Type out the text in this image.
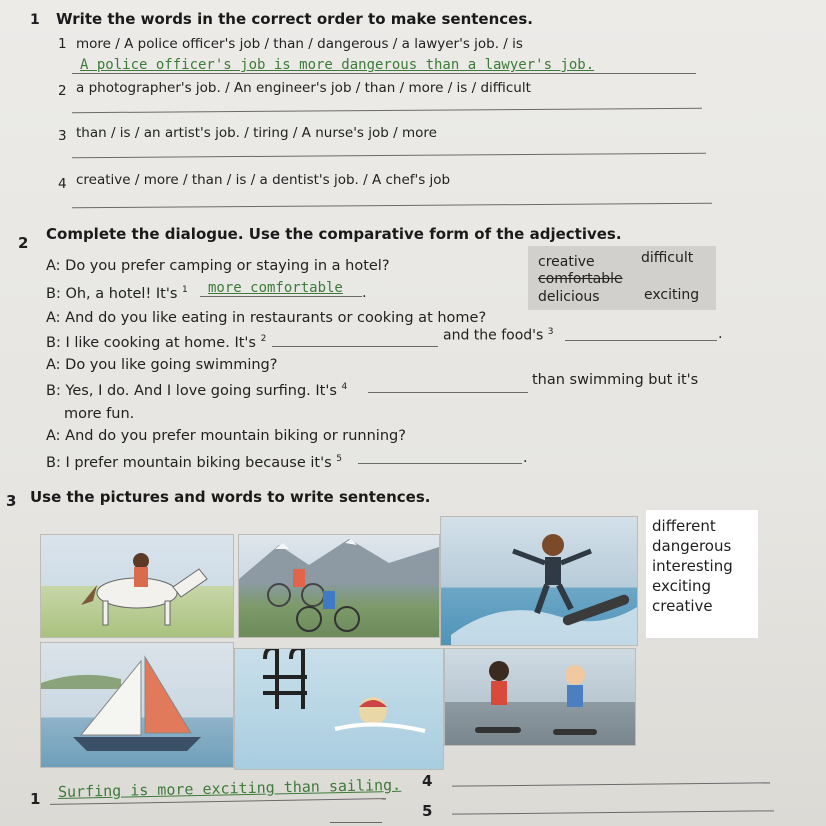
1 Write the words in the correct order to make sentences.
1 more / A police officer's job / than / dangerous / a lawyer's job. / is
A police officer's job is more dangerous than a lawyer's job.
2 a photographer's job. / An engineer's job / than / more / is / difficult
3 than / is / an artist's job. / tiring / A nurse's job / more
4 creative / more / than / is / a dentist's job. / A chef's job
2 Complete the dialogue. Use the comparative form of the adjectives.
creative	difficult
comfortable
delicious	exciting
A: Do you prefer camping or staying in a hotel?
B: Oh, a hotel! It's $^1$ more comfortable .
A: And do you like eating in restaurants or cooking at home?
B: I like cooking at home. It's $^2$	and the food's $^3$	.
A: Do you like going swimming?
B: Yes, I do. And I love going surfing. It's $^4$	than swimming but it's
more fun.
A: And do you prefer mountain biking or running?
B: I prefer mountain biking because it's $^5$	.
3 Use the pictures and words to write sentences.
different
dangerous
interesting
exciting
creative
1 Surfing is more exciting than sailing. 4
5
